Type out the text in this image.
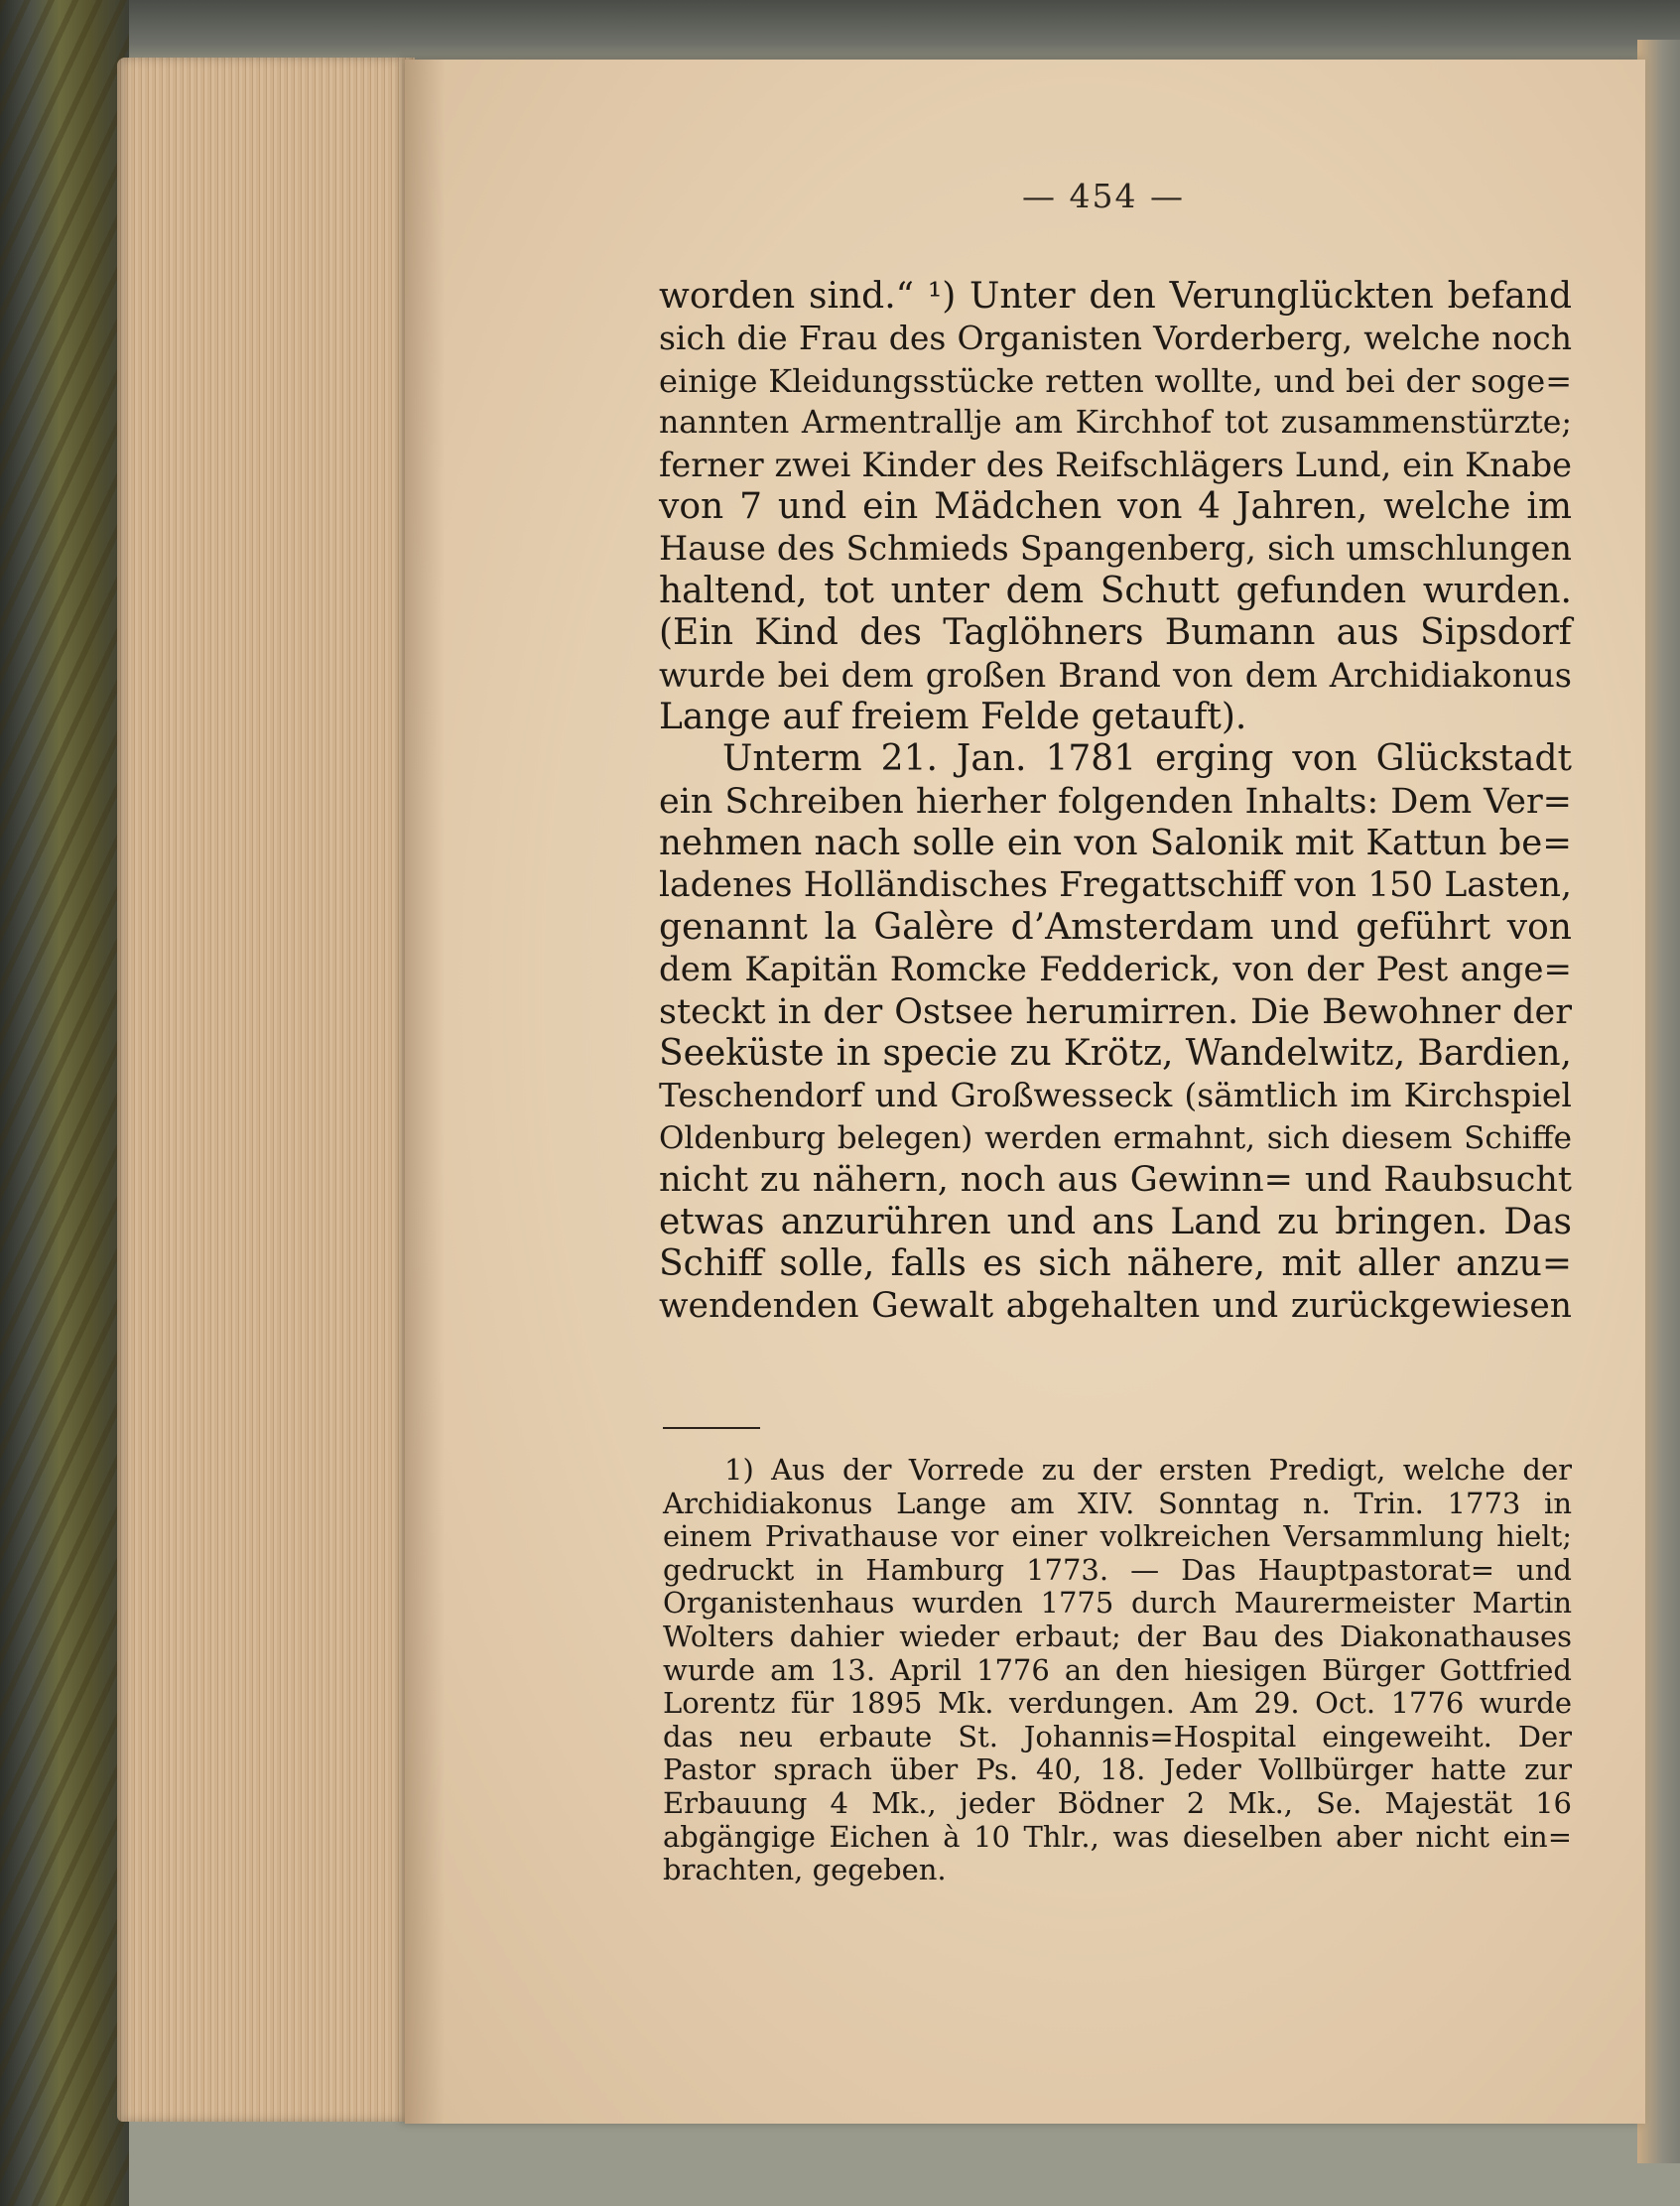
— 454 —
worden sind.“ ¹) Unter den Verunglückten befand
sich die Frau des Organisten Vorderberg, welche noch
einige Kleidungsstücke retten wollte, und bei der soge=
nannten Armentrallje am Kirchhof tot zusammenstürzte;
ferner zwei Kinder des Reifschlägers Lund, ein Knabe
von 7 und ein Mädchen von 4 Jahren, welche im
Hause des Schmieds Spangenberg, sich umschlungen
haltend, tot unter dem Schutt gefunden wurden.
(Ein Kind des Taglöhners Bumann aus Sipsdorf
wurde bei dem großen Brand von dem Archidiakonus
Lange auf freiem Felde getauft).
Unterm 21. Jan. 1781 erging von Glückstadt
ein Schreiben hierher folgenden Inhalts: Dem Ver=
nehmen nach solle ein von Salonik mit Kattun be=
ladenes Holländisches Fregattschiff von 150 Lasten,
genannt la Galère d’Amsterdam und geführt von
dem Kapitän Romcke Fedderick, von der Pest ange=
steckt in der Ostsee herumirren. Die Bewohner der
Seeküste in specie zu Krötz, Wandelwitz, Bardien,
Teschendorf und Großwesseck (sämtlich im Kirchspiel
Oldenburg belegen) werden ermahnt, sich diesem Schiffe
nicht zu nähern, noch aus Gewinn= und Raubsucht
etwas anzurühren und ans Land zu bringen. Das
Schiff solle, falls es sich nähere, mit aller anzu=
wendenden Gewalt abgehalten und zurückgewiesen
1) Aus der Vorrede zu der ersten Predigt, welche der
Archidiakonus Lange am XIV. Sonntag n. Trin. 1773 in
einem Privathause vor einer volkreichen Versammlung hielt;
gedruckt in Hamburg 1773. — Das Hauptpastorat= und
Organistenhaus wurden 1775 durch Maurermeister Martin
Wolters dahier wieder erbaut; der Bau des Diakonathauses
wurde am 13. April 1776 an den hiesigen Bürger Gottfried
Lorentz für 1895 Mk. verdungen. Am 29. Oct. 1776 wurde
das neu erbaute St. Johannis=Hospital eingeweiht. Der
Pastor sprach über Ps. 40, 18. Jeder Vollbürger hatte zur
Erbauung 4 Mk., jeder Bödner 2 Mk., Se. Majestät 16
abgängige Eichen à 10 Thlr., was dieselben aber nicht ein=
brachten, gegeben.
